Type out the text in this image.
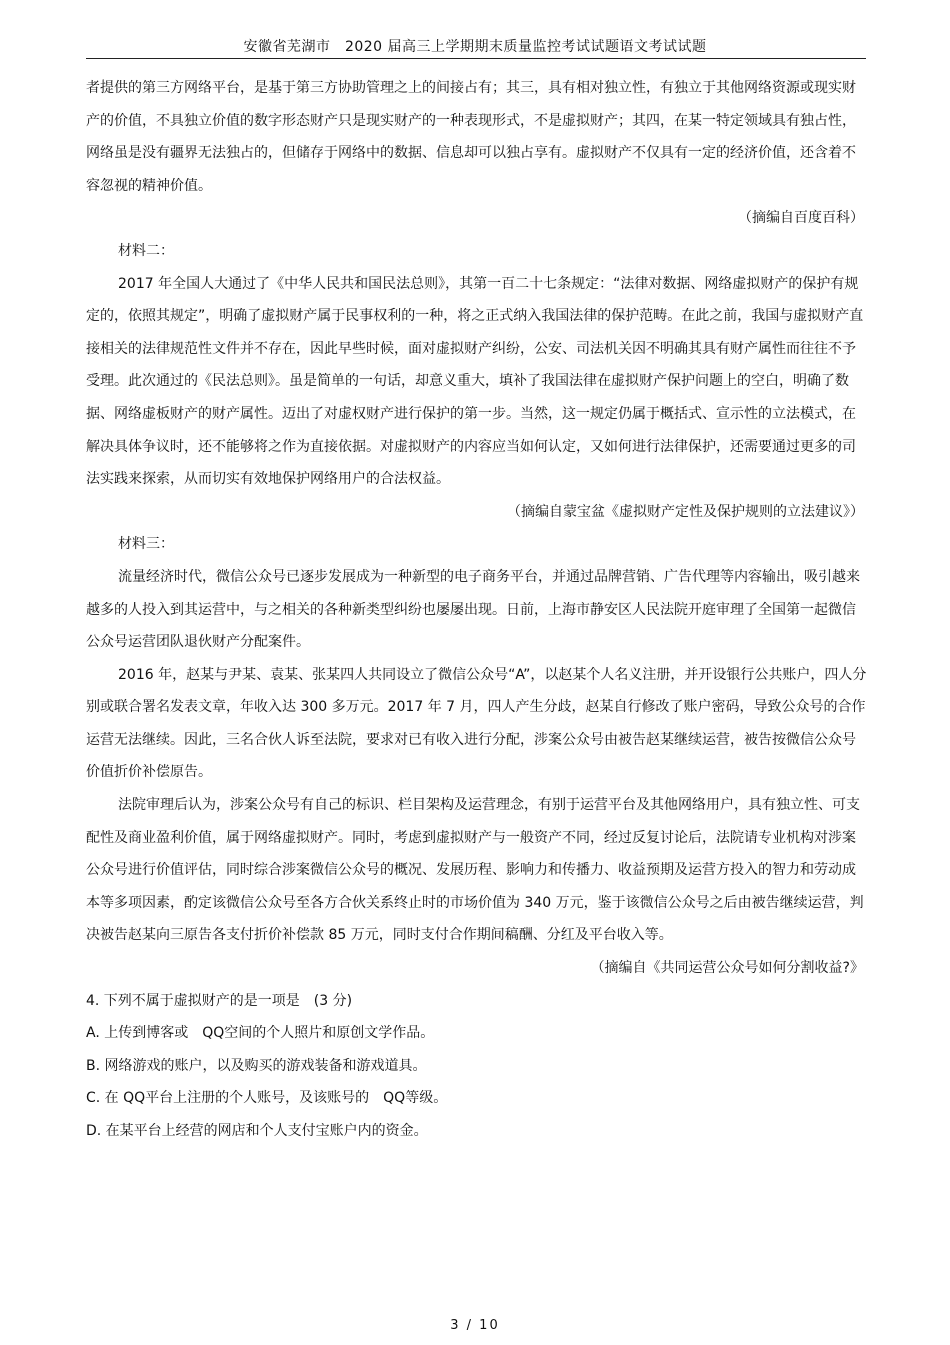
安徽省芜湖市　2020 届高三上学期期末质量监控考试试题语文考试试题

者提供的第三方网络平台，是基于第三方协助管理之上的间接占有；其三，具有相对独立性，有独立于其他网络资源或现实财产的价值，不具独立价值的数字形态财产只是现实财产的一种表现形式，不是虚拟财产；其四，在某一特定领域具有独占性，网络虽是没有疆界无法独占的，但储存于网络中的数据、信息却可以独占享有。虚拟财产不仅具有一定的经济价值，还含着不容忽视的精神价值。

（摘编自百度百科）

材料二：

2017 年全国人大通过了《中华人民共和国民法总则》，其第一百二十七条规定：“法律对数据、网络虚拟财产的保护有规定的，依照其规定”，明确了虚拟财产属于民事权利的一种，将之正式纳入我国法律的保护范畴。在此之前，我国与虚拟财产直接相关的法律规范性文件并不存在，因此早些时候，面对虚拟财产纠纷，公安、司法机关因不明确其具有财产属性而往往不予受理。此次通过的《民法总则》。虽是简单的一句话，却意义重大，填补了我国法律在虚拟财产保护问题上的空白，明确了数据、网络虚板财产的财产属性。迈出了对虚权财产进行保护的第一步。当然，这一规定仍属于概括式、宣示性的立法模式，在解决具体争议时，还不能够将之作为直接依据。对虚拟财产的内容应当如何认定，又如何进行法律保护，还需要通过更多的司法实践来探索，从而切实有效地保护网络用户的合法权益。

（摘编自蒙宝盆《虚拟财产定性及保护规则的立法建议》）

材料三：

流量经济时代，微信公众号已逐步发展成为一种新型的电子商务平台，并通过品牌营销、广告代理等内容输出，吸引越来越多的人投入到其运营中，与之相关的各种新类型纠纷也屡屡出现。日前，上海市静安区人民法院开庭审理了全国第一起微信公众号运营团队退伙财产分配案件。

2016 年，赵某与尹某、袁某、张某四人共同设立了微信公众号“A”，以赵某个人名义注册，并开设银行公共账户，四人分别或联合署名发表文章，年收入达 300 多万元。2017 年 7 月，四人产生分歧，赵某自行修改了账户密码，导致公众号的合作运营无法继续。因此，三名合伙人诉至法院，要求对已有收入进行分配，涉案公众号由被告赵某继续运营，被告按微信公众号价值折价补偿原告。

法院审理后认为，涉案公众号有自己的标识、栏目架构及运营理念，有别于运营平台及其他网络用户，具有独立性、可支配性及商业盈利价值，属于网络虚拟财产。同时，考虑到虚拟财产与一般资产不同，经过反复讨论后，法院请专业机构对涉案公众号进行价值评估，同时综合涉案微信公众号的概况、发展历程、影响力和传播力、收益预期及运营方投入的智力和劳动成本等多项因素，酌定该微信公众号至各方合伙关系终止时的市场价值为 340 万元，鉴于该微信公众号之后由被告继续运营，判决被告赵某向三原告各支付折价补偿款 85 万元，同时支付合作期间稿酬、分红及平台收入等。

（摘编自《共同运营公众号如何分割收益?》

4. 下列不属于虚拟财产的是一项是　(3 分)

A. 上传到博客或　QQ空间的个人照片和原创文学作品。

B. 网络游戏的账户，以及购买的游戏装备和游戏道具。

C. 在 QQ平台上注册的个人账号，及该账号的　QQ等级。

D. 在某平台上经营的网店和个人支付宝账户内的资金。

3 / 10
